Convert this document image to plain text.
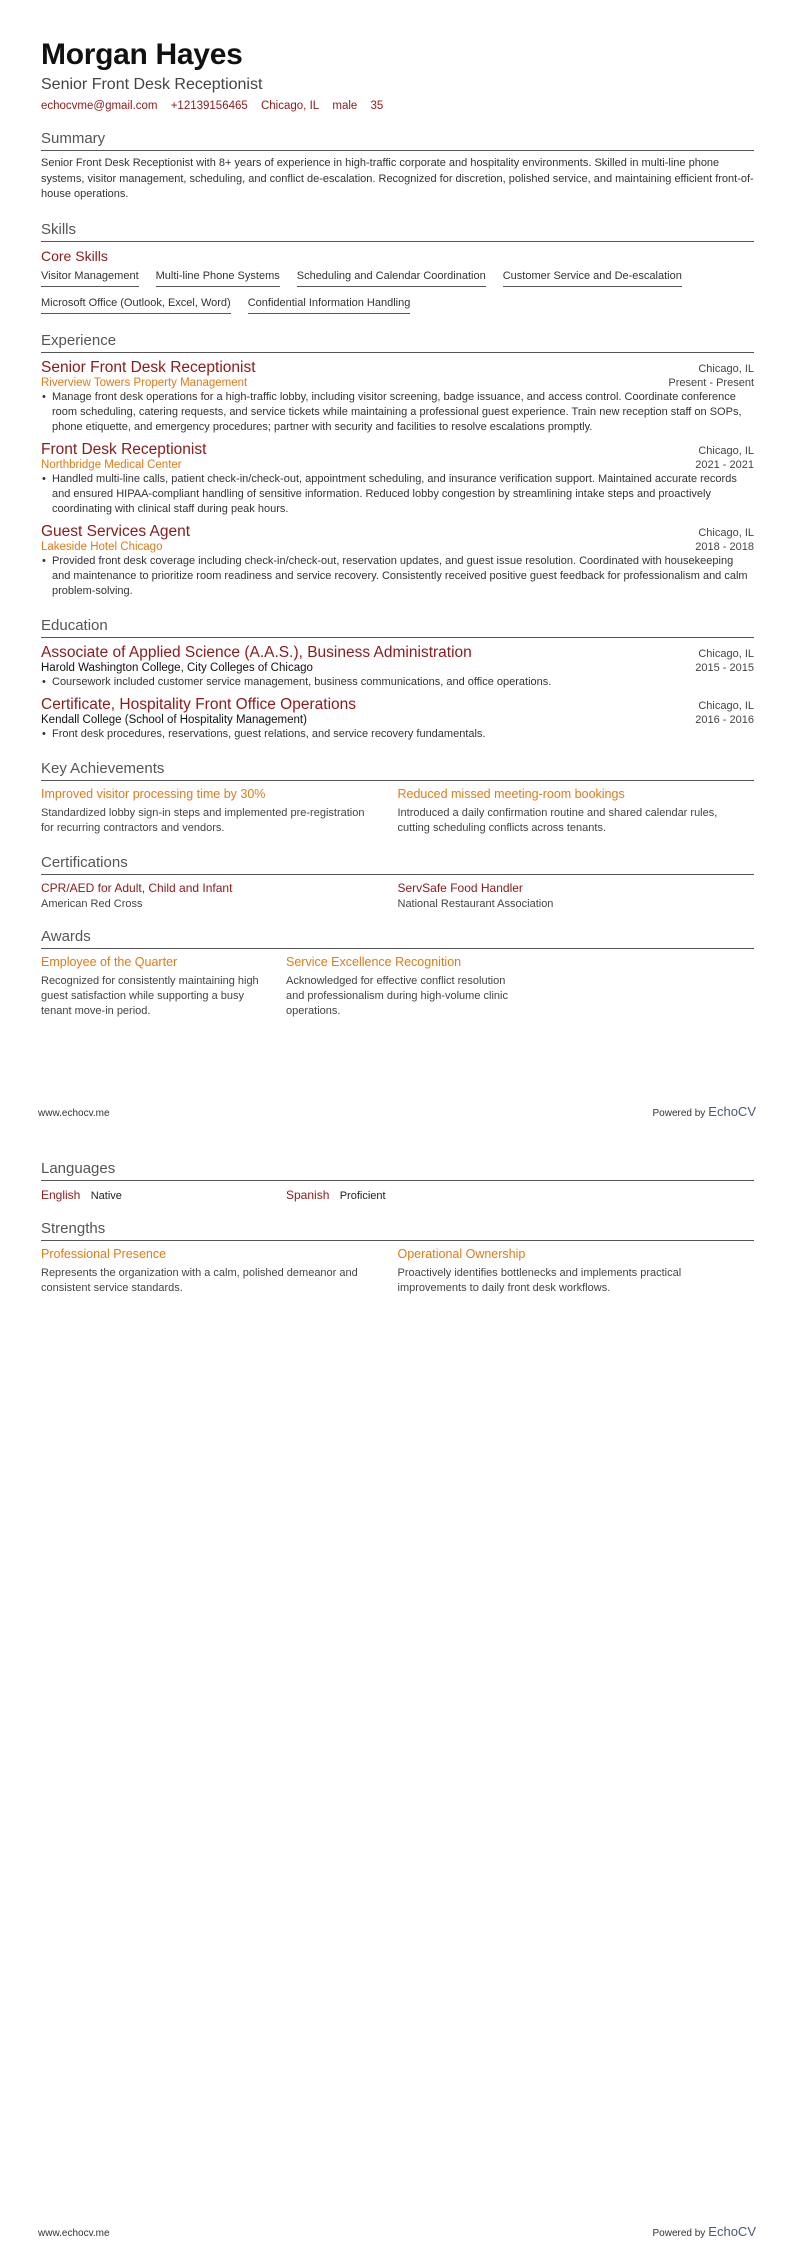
Morgan Hayes
Senior Front Desk Receptionist
echocvme@gmail.com +12139156465 Chicago, IL male 35
Summary
Senior Front Desk Receptionist with 8+ years of experience in high-traffic corporate and hospitality environments. Skilled in multi-line phone systems, visitor management, scheduling, and conflict de-escalation. Recognized for discretion, polished service, and maintaining efficient front-of-house operations.
Skills
Core Skills
Visitor Management Multi-line Phone Systems Scheduling and Calendar Coordination Customer Service and De-escalation
Microsoft Office (Outlook, Excel, Word) Confidential Information Handling
Experience
Senior Front Desk Receptionist	Chicago, IL
Riverview Towers Property Management	Present - Present
• Manage front desk operations for a high-traffic lobby, including visitor screening, badge issuance, and access control. Coordinate conference room scheduling, catering requests, and service tickets while maintaining a professional guest experience. Train new reception staff on SOPs, phone etiquette, and emergency procedures; partner with security and facilities to resolve escalations promptly.
Front Desk Receptionist	Chicago, IL
Northbridge Medical Center	2021 - 2021
• Handled multi-line calls, patient check-in/check-out, appointment scheduling, and insurance verification support. Maintained accurate records and ensured HIPAA-compliant handling of sensitive information. Reduced lobby congestion by streamlining intake steps and proactively coordinating with clinical staff during peak hours.
Guest Services Agent	Chicago, IL
Lakeside Hotel Chicago	2018 - 2018
• Provided front desk coverage including check-in/check-out, reservation updates, and guest issue resolution. Coordinated with housekeeping and maintenance to prioritize room readiness and service recovery. Consistently received positive guest feedback for professionalism and calm problem-solving.
Education
Associate of Applied Science (A.A.S.), Business Administration	Chicago, IL
Harold Washington College, City Colleges of Chicago	2015 - 2015
• Coursework included customer service management, business communications, and office operations.
Certificate, Hospitality Front Office Operations	Chicago, IL
Kendall College (School of Hospitality Management)	2016 - 2016
• Front desk procedures, reservations, guest relations, and service recovery fundamentals.
Key Achievements
Improved visitor processing time by 30%
Standardized lobby sign-in steps and implemented pre-registration for recurring contractors and vendors.
Reduced missed meeting-room bookings
Introduced a daily confirmation routine and shared calendar rules, cutting scheduling conflicts across tenants.
Certifications
CPR/AED for Adult, Child and Infant
American Red Cross
ServSafe Food Handler
National Restaurant Association
Awards
Employee of the Quarter
Recognized for consistently maintaining high guest satisfaction while supporting a busy tenant move-in period.
Service Excellence Recognition
Acknowledged for effective conflict resolution and professionalism during high-volume clinic operations.
www.echocv.me	Powered by EchoCV
Languages
English Native	Spanish Proficient
Strengths
Professional Presence
Represents the organization with a calm, polished demeanor and consistent service standards.
Operational Ownership
Proactively identifies bottlenecks and implements practical improvements to daily front desk workflows.
www.echocv.me	Powered by EchoCV
